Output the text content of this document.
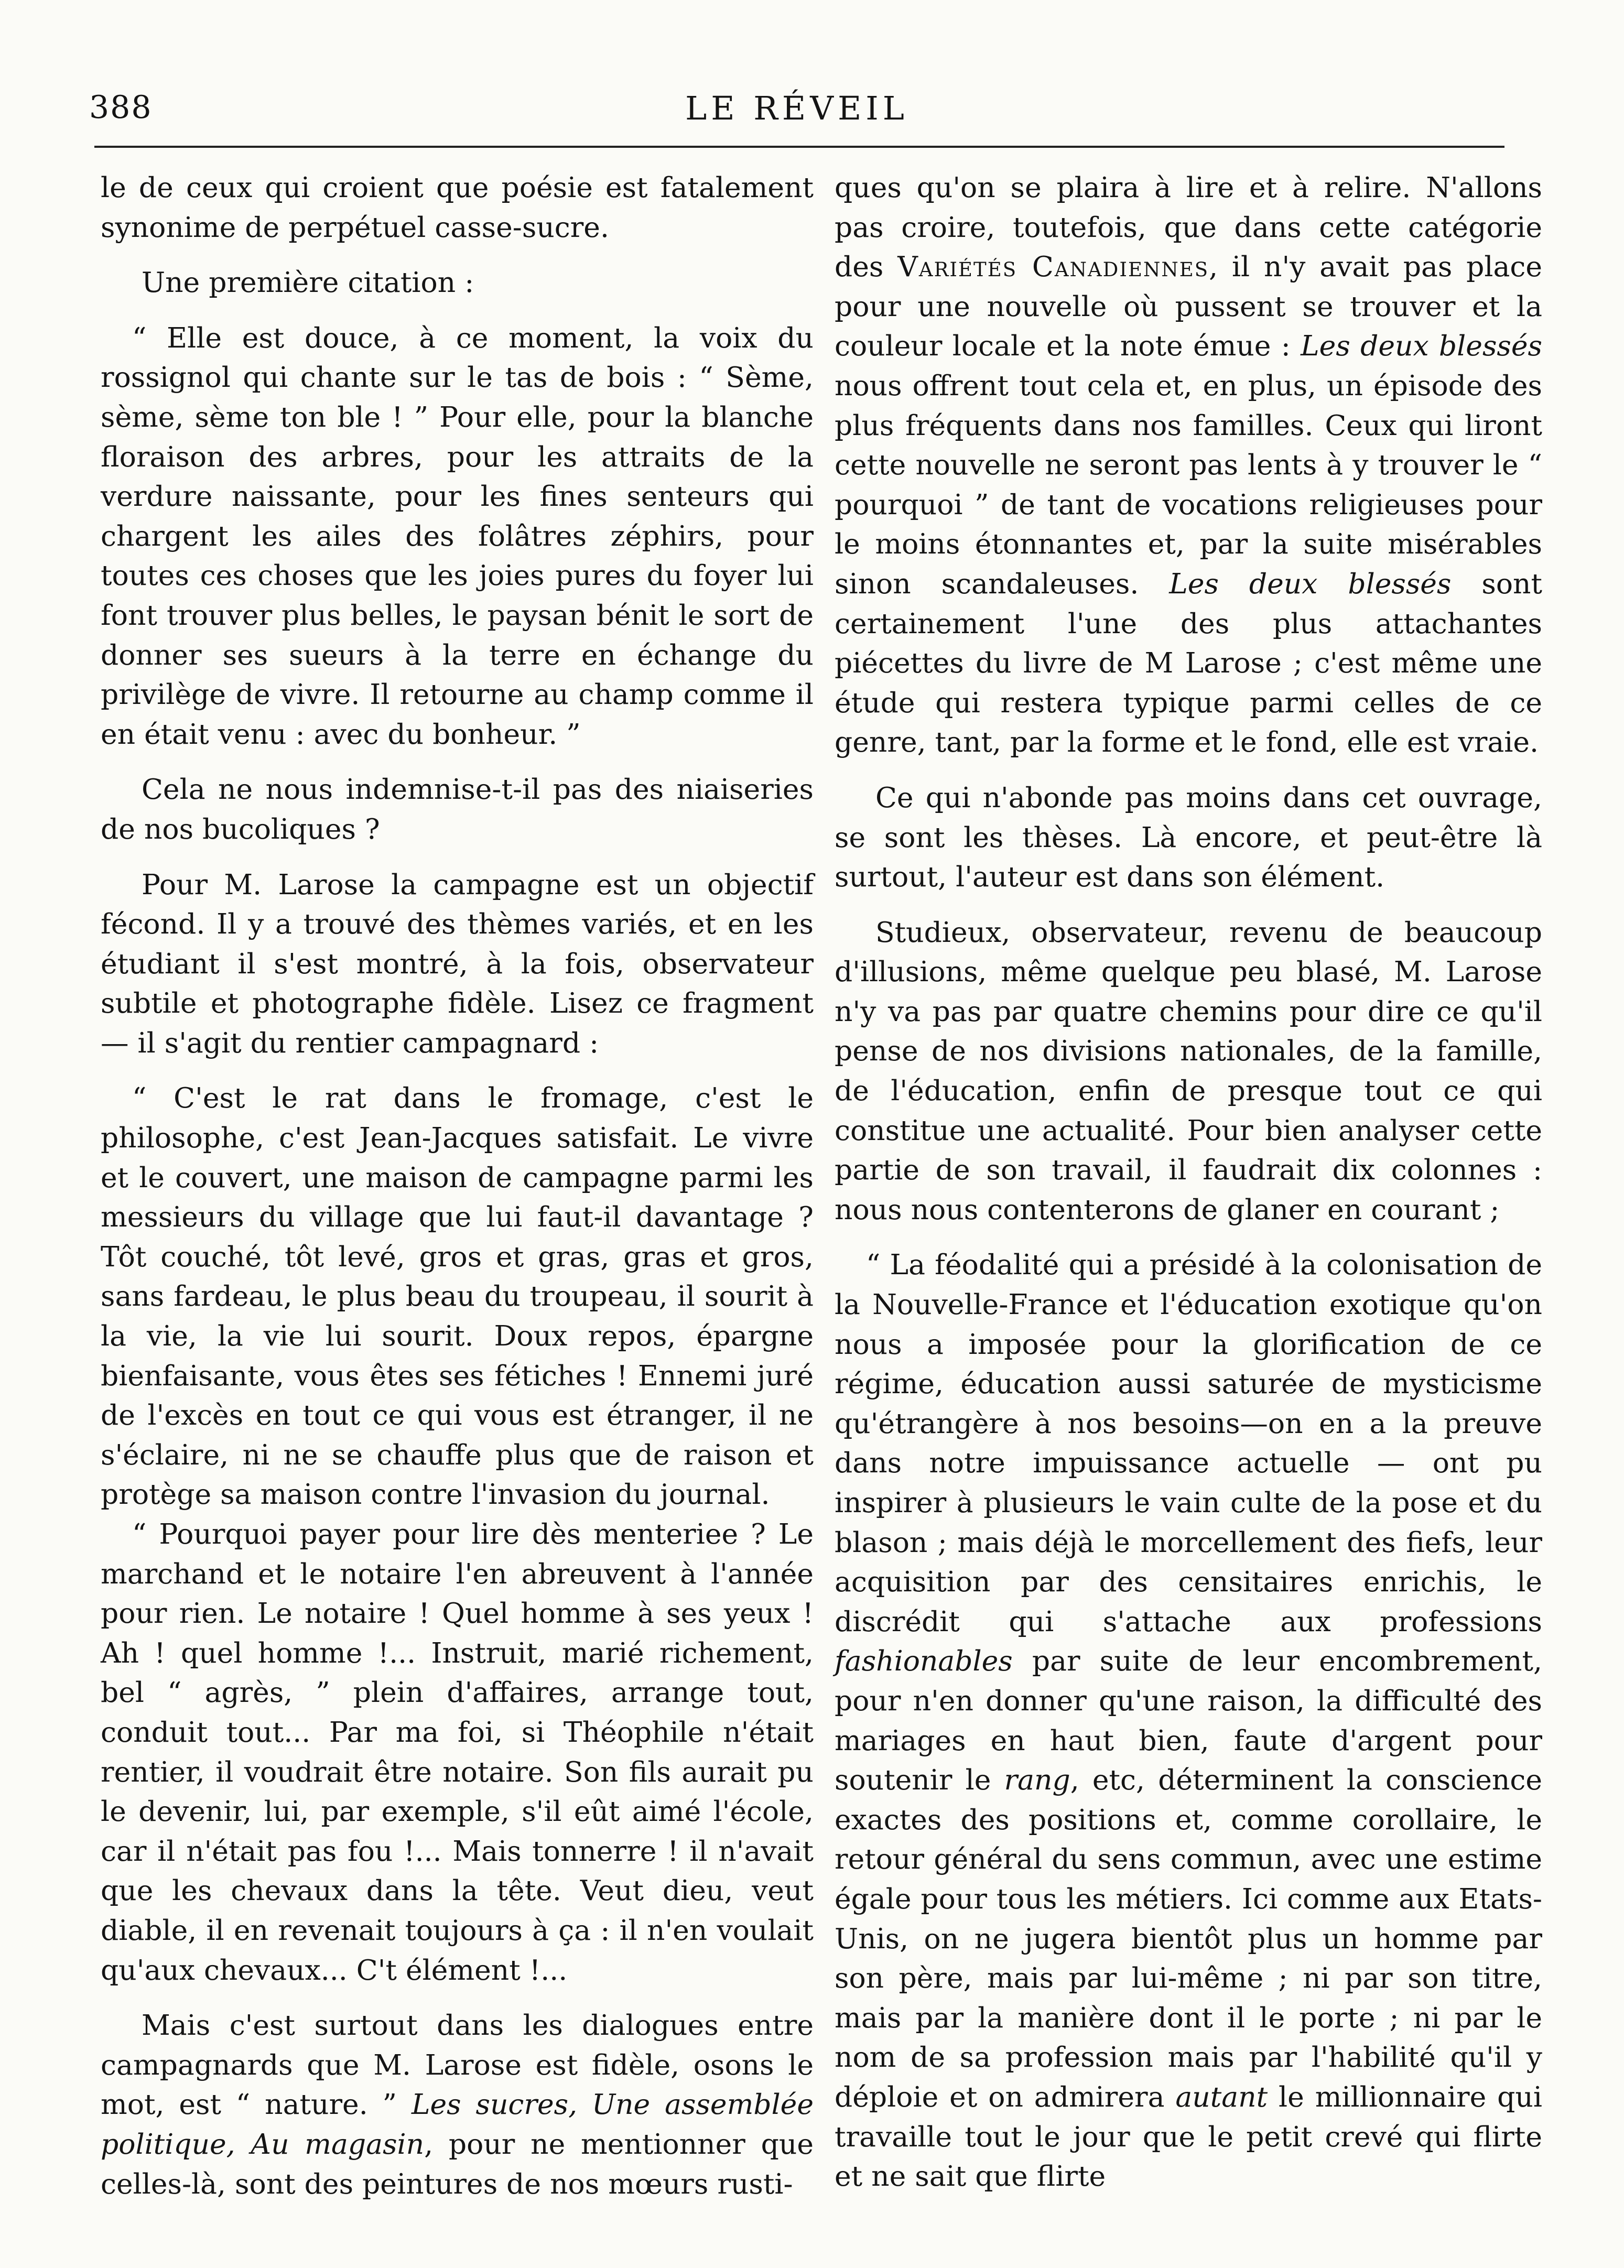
388	LE RÉVEIL

le de ceux qui croient que poésie est fatalement synonime de perpétuel casse-sucre.

Une première citation :

“ Elle est douce, à ce moment, la voix du rossignol qui chante sur le tas de bois : “ Sème, sème, sème ton ble ! ” Pour elle, pour la blanche floraison des arbres, pour les attraits de la verdure naissante, pour les fines senteurs qui chargent les ailes des folâtres zéphirs, pour toutes ces choses que les joies pures du foyer lui font trouver plus belles, le paysan bénit le sort de donner ses sueurs à la terre en échange du privilège de vivre. Il retourne au champ comme il en était venu : avec du bonheur. ”

Cela ne nous indemnise-t-il pas des niaiseries de nos bucoliques ?

Pour M. Larose la campagne est un objectif fécond. Il y a trouvé des thèmes variés, et en les étudiant il s'est montré, à la fois, observateur subtile et photographe fidèle. Lisez ce fragment — il s'agit du rentier campagnard :

“ C'est le rat dans le fromage, c'est le philosophe, c'est Jean-Jacques satisfait. Le vivre et le couvert, une maison de campagne parmi les messieurs du village que lui faut-il davantage ? Tôt couché, tôt levé, gros et gras, gras et gros, sans fardeau, le plus beau du troupeau, il sourit à la vie, la vie lui sourit. Doux repos, épargne bienfaisante, vous êtes ses fétiches ! Ennemi juré de l'excès en tout ce qui vous est étranger, il ne s'éclaire, ni ne se chauffe plus que de raison et protège sa maison contre l'invasion du journal.

“ Pourquoi payer pour lire dès menteriee ? Le marchand et le notaire l'en abreuvent à l'année pour rien. Le notaire ! Quel homme à ses yeux ! Ah ! quel homme !... Instruit, marié richement, bel “ agrès, ” plein d'affaires, arrange tout, conduit tout... Par ma foi, si Théophile n'était rentier, il voudrait être notaire. Son fils aurait pu le devenir, lui, par exemple, s'il eût aimé l'école, car il n'était pas fou !... Mais tonnerre ! il n'avait que les chevaux dans la tête. Veut dieu, veut diable, il en revenait toujours à ça : il n'en voulait qu'aux chevaux... C't élément !...

Mais c'est surtout dans les dialogues entre campagnards que M. Larose est fidèle, osons le mot, est “ nature. ” Les sucres, Une assemblée politique, Au magasin, pour ne mentionner que celles-là, sont des peintures de nos mœurs rusti-

ques qu'on se plaira à lire et à relire. N'allons pas croire, toutefois, que dans cette catégorie des Variétés Canadiennes, il n'y avait pas place pour une nouvelle où pussent se trouver et la couleur locale et la note émue : Les deux blessés nous offrent tout cela et, en plus, un épisode des plus fréquents dans nos familles. Ceux qui liront cette nouvelle ne seront pas lents à y trouver le “ pourquoi ” de tant de vocations religieuses pour le moins étonnantes et, par la suite misérables sinon scandaleuses. Les deux blessés sont certainement l'une des plus attachantes piécettes du livre de M Larose ; c'est même une étude qui restera typique parmi celles de ce genre, tant, par la forme et le fond, elle est vraie.

Ce qui n'abonde pas moins dans cet ouvrage, se sont les thèses. Là encore, et peut-être là surtout, l'auteur est dans son élément.

Studieux, observateur, revenu de beaucoup d'illusions, même quelque peu blasé, M. Larose n'y va pas par quatre chemins pour dire ce qu'il pense de nos divisions nationales, de la famille, de l'éducation, enfin de presque tout ce qui constitue une actualité. Pour bien analyser cette partie de son travail, il faudrait dix colonnes : nous nous contenterons de glaner en courant ;

“ La féodalité qui a présidé à la colonisation de la Nouvelle-France et l'éducation exotique qu'on nous a imposée pour la glorification de ce régime, éducation aussi saturée de mysticisme qu'étrangère à nos besoins—on en a la preuve dans notre impuissance actuelle — ont pu inspirer à plusieurs le vain culte de la pose et du blason ; mais déjà le morcellement des fiefs, leur acquisition par des censitaires enrichis, le discrédit qui s'attache aux professions fashionables par suite de leur encombrement, pour n'en donner qu'une raison, la difficulté des mariages en haut bien, faute d'argent pour soutenir le rang, etc, déterminent la conscience exactes des positions et, comme corollaire, le retour général du sens commun, avec une estime égale pour tous les métiers. Ici comme aux Etats-Unis, on ne jugera bientôt plus un homme par son père, mais par lui-même ; ni par son titre, mais par la manière dont il le porte ; ni par le nom de sa profession mais par l'habilité qu'il y déploie et on admirera autant le millionnaire qui travaille tout le jour que le petit crevé qui flirte et ne sait que flirte
